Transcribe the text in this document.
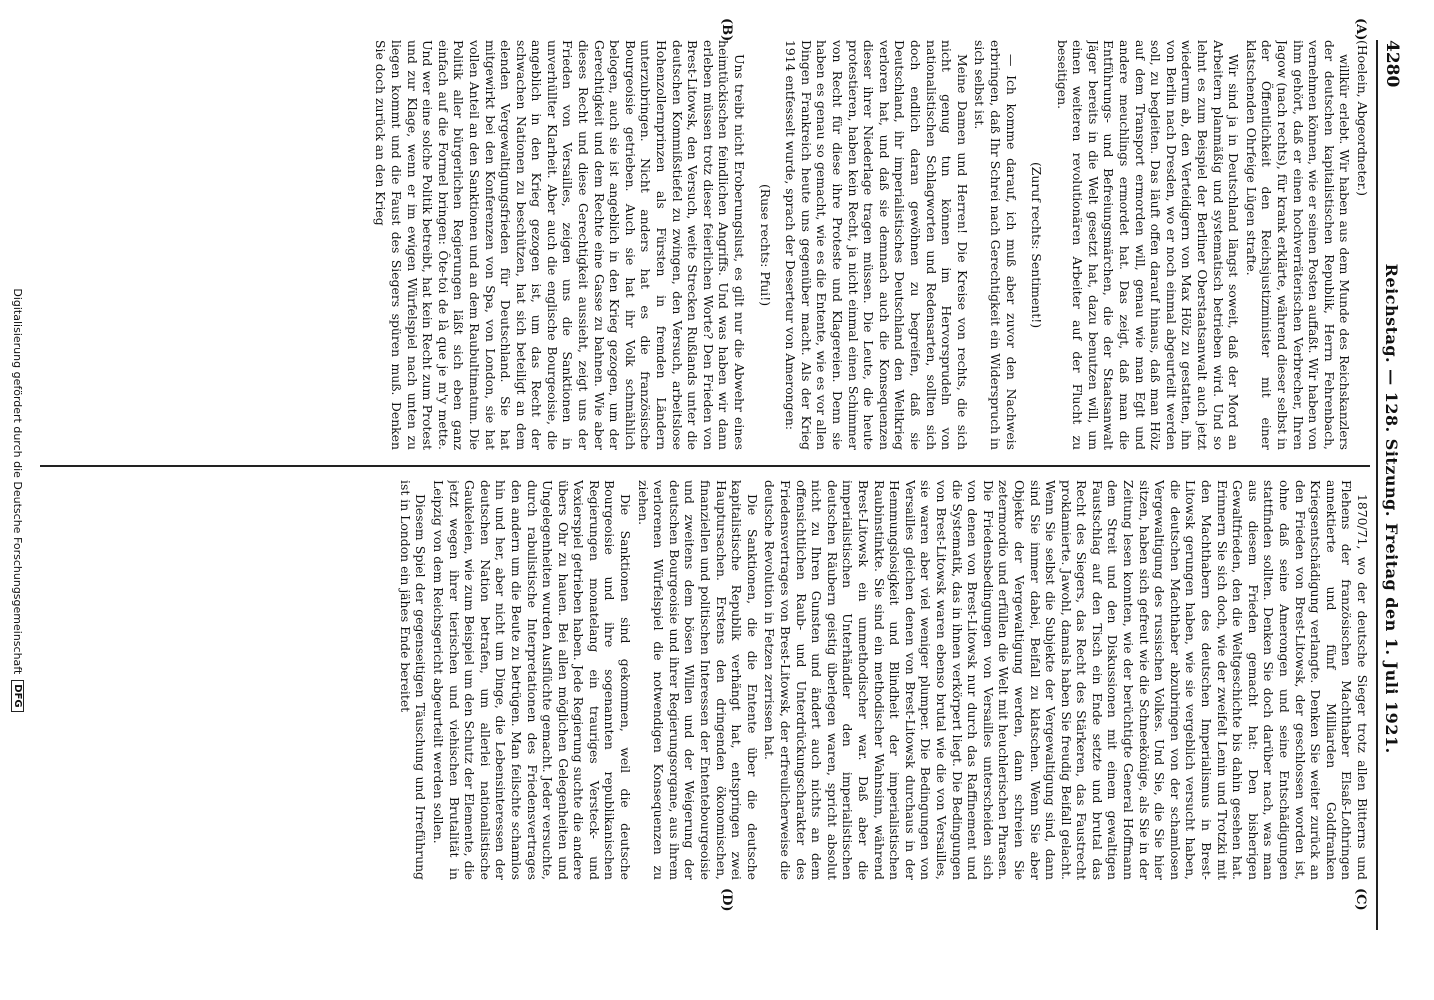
4280
Reichstag. — 128. Sitzung. Freitag den 1. Juli 1921.
(A)
(B)
(C)
(D)

(Hoelein, Abgeordneter.)

willkür erlebt. Wir haben aus dem Munde des Reichskanzlers der deutschen kapitalistischen Republik, Herrn Fehrenbach, vernehmen können, wie er seinen Posten auffaßt. Wir haben von ihm gehört, daß er einen hochverräterischen Verbrecher, Ihren Jagow (nach rechts), für krank erklärte, während dieser selbst in der Öffentlichkeit den Reichsjustizminister mit einer klatschenden Ohrfeige Lügen strafte.

Wir sind ja in Deutschland längst soweit, daß der Mord an Arbeitern planmäßig und systematisch betrieben wird. Und so lehnt es zum Beispiel der Berliner Oberstaatsanwalt auch jetzt wiederum ab, den Verteidigern von Max Hölz zu gestatten, ihn von Berlin nach Dresden, wo er noch einmal abgeurteilt werden soll, zu begleiten. Das läuft offen darauf hinaus, daß man Hölz auf dem Transport ermorden will, genau wie man Eglt und andere meuchlings ermordet hat. Das zeigt, daß man die Entführungs- und Befreiungsmärchen, die der Staatsanwalt Jäger bereits in die Welt gesetzt hat, dazu benutzen will, um einen weiteren revolutionären Arbeiter auf der Flucht zu beseitigen.

(Zuruf rechts: Sentiment!)

— Ich komme darauf, ich muß aber zuvor den Nachweis erbringen, daß Ihr Schrei nach Gerechtigkeit ein Widerspruch in sich selbst ist.

Meine Damen und Herren! Die Kreise von rechts, die sich nicht genug tun können im Hervorsprudeln von nationalistischen Schlagworten und Redensarten, sollten sich doch endlich daran gewöhnen zu begreifen, daß sie Deutschland, ihr imperialistisches Deutschland den Weltkrieg verloren hat, und daß sie demnach auch die Konsequenzen dieser ihrer Niederlage tragen müssen. Die Leute, die heute protestieren, haben kein Recht, ja nicht einmal einen Schimmer von Recht für diese ihre Proteste und Klagereien. Denn sie haben es genau so gemacht, wie es die Entente, wie es vor allen Dingen Frankreich heute uns gegenüber macht. Als der Krieg 1914 entfesselt wurde, sprach der Deserteur von Amerongen:

(Ruse rechts: Pfui!)

Uns treibt nicht Eroberungslust, es gilt nur die Abwehr eines heimtückischen feindlichen Angriffs. Und was haben wir dann erleben müssen trotz dieser feierlichen Worte? Den Frieden von Brest-Litowsk, den Versuch, weite Strecken Rußlands unter die deutschen Kommißstiefel zu zwingen, den Versuch, arbeitslose Hohenzollernprinzen als Fürsten in fremden Ländern unterzubringen. Nicht anders hat es die französische Bourgeoisie getrieben. Auch sie hat ihr Volk schmählich belogen, auch sie ist angeblich in den Krieg gezogen, um der Gerechtigkeit und dem Rechte eine Gasse zu bahnen. Wie aber dieses Recht und diese Gerechtigkeit aussieht, zeigt uns der Frieden von Versailles, zeigen uns die Sanktionen in unverhüllter Klarheit. Aber auch die englische Bourgeoisie, die angeblich in den Krieg gezogen ist, um das Recht der schwachen Nationen zu beschützen, hat sich beteiligt an dem elenden Vergewaltigungsfrieden für Deutschland. Sie hat mitgewirkt bei den Konferenzen von Spa, von London, sie hat vollen Anteil an den Sanktionen und an dem Raubultimatum. Die Politik aller bürgerlichen Regierungen läßt sich eben ganz einfach auf die Formel bringen: Ôte-toi de là que je m'y mette. Und wer eine solche Politik betreibt, hat kein Recht zum Protest und zur Klage, wenn er im ewigen Würfelspiel nach unten zu liegen kommt und die Faust des Siegers spüren muß. Denken Sie doch zurück an den Krieg

1870/71, wo der deutsche Sieger trotz allen Bitterns und Flehens der französischen Machthaber Elsaß-Lothringen annektierte und fünf Milliarden Goldfranken Kriegsentschädigung verlangte. Denken Sie weiter zurück an den Frieden von Brest-Litowsk, der geschlossen worden ist, ohne daß seine Amerongen und seine Entschädigungen stattfinden sollten. Denken Sie doch darüber nach, was man aus diesem Frieden gemacht hat: Den bisherigen Gewaltfrieden, den die Weltgeschichte bis dahin gesehen hat. Erinnern Sie sich doch, wie der zweifelt Lenin und Trotzki mit den Machthabern des deutschen Imperialismus in Brest-Litowsk gerungen haben, wie sie vergeblich versucht haben, die deutschen Machthaber abzubringen von der schamlosen Vergewaltigung des russischen Volkes. Und Sie, die Sie hier sitzen, haben sich gefreut wie die Schneekönige, als Sie in der Zeitung lesen konnten, wie der berüchtigte General Hoffmann dem Streit und den Diskussionen mit einem gewaltigen Faustschlag auf den Tisch ein Ende setzte und brutal das Recht des Siegers, das Recht des Stärkeren, das Faustrecht proklamierte. Jawohl, damals haben Sie freudig Beifall gelacht. Wenn Sie selbst die Subjekte der Vergewaltigung sind, dann sind Sie immer dabei, Beifall zu klatschen. Wenn Sie aber Objekte der Vergewaltigung werden, dann schreien Sie zetermordio und erfüllen die Welt mit heuchlerischen Phrasen. Die Friedensbedingungen von Versailles unterscheiden sich von denen von Brest-Litowsk nur durch das Raffinement und die Systematik, das in ihnen verkörpert liegt. Die Bedingungen von Brest-Litowsk waren ebenso brutal wie die von Versailles, sie waren aber viel weniger plumper. Die Bedingungen von Versailles gleichen denen von Brest-Litowsk durchaus in der Hemmungslosigkeit und Blindheit der imperialistischen Raubinstinkte. Sie sind ein methodischer Wahnsinn, während Brest-Litowsk ein unmethodischer war. Daß aber die imperialistischen Unterhändler den imperialistischen deutschen Räubern geistig überlegen waren, spricht absolut nicht zu Ihren Gunsten und ändert auch nichts an dem offensichtlichen Raub- und Unterdrückungscharakter des Friedensvertrages von Brest-Litowsk, der erfreulicherweise die deutsche Revolution in Fetzen zerrissen hat.

Die Sanktionen, die die Entente über die deutsche kapitalistische Republik verhängt hat, entspringen zwei Hauptursachen. Erstens den dringenden ökonomischen, finanziellen und politischen Interessen der Ententebourgeoisie und zweitens dem bösen Willen und der Weigerung der deutschen Bourgeoisie und ihrer Regierungsorgane, aus ihrem verlorenen Würfelspiel die notwendigen Konsequenzen zu ziehen.

Die Sanktionen sind gekommen, weil die deutsche Bourgeoisie und ihre sogenannten republikanischen Regierungen monatelang ein trauriges Versteck- und Vexierspiel getrieben haben. Jede Regierung suchte die andere übers Ohr zu hauen. Bei allen möglichen Gelegenheiten und Ungelegenheiten wurden Ausflüchte gemacht. Jeder versuchte, durch rabulistische Interpretationen des Friedensvertrages den andern um die Beute zu betrügen. Man feilschte schamlos hin und her, aber nicht um Dinge, die Lebensinteressen der deutschen Nation betrafen, um allerlei nationalistische Gaukeleien, wie zum Beispiel um den Schutz der Elemente, die jetzt wegen ihrer tierischen und viehischen Brutalität in Leipzig von dem Reichsgericht abgeurteilt werden sollen.

Diesem Spiel der gegenseitigen Täuschung und Irreführung ist in London ein jähes Ende bereitet

Digitalisierung gefördert durch die Deutsche Forschungsgemeinschaft
DFG
